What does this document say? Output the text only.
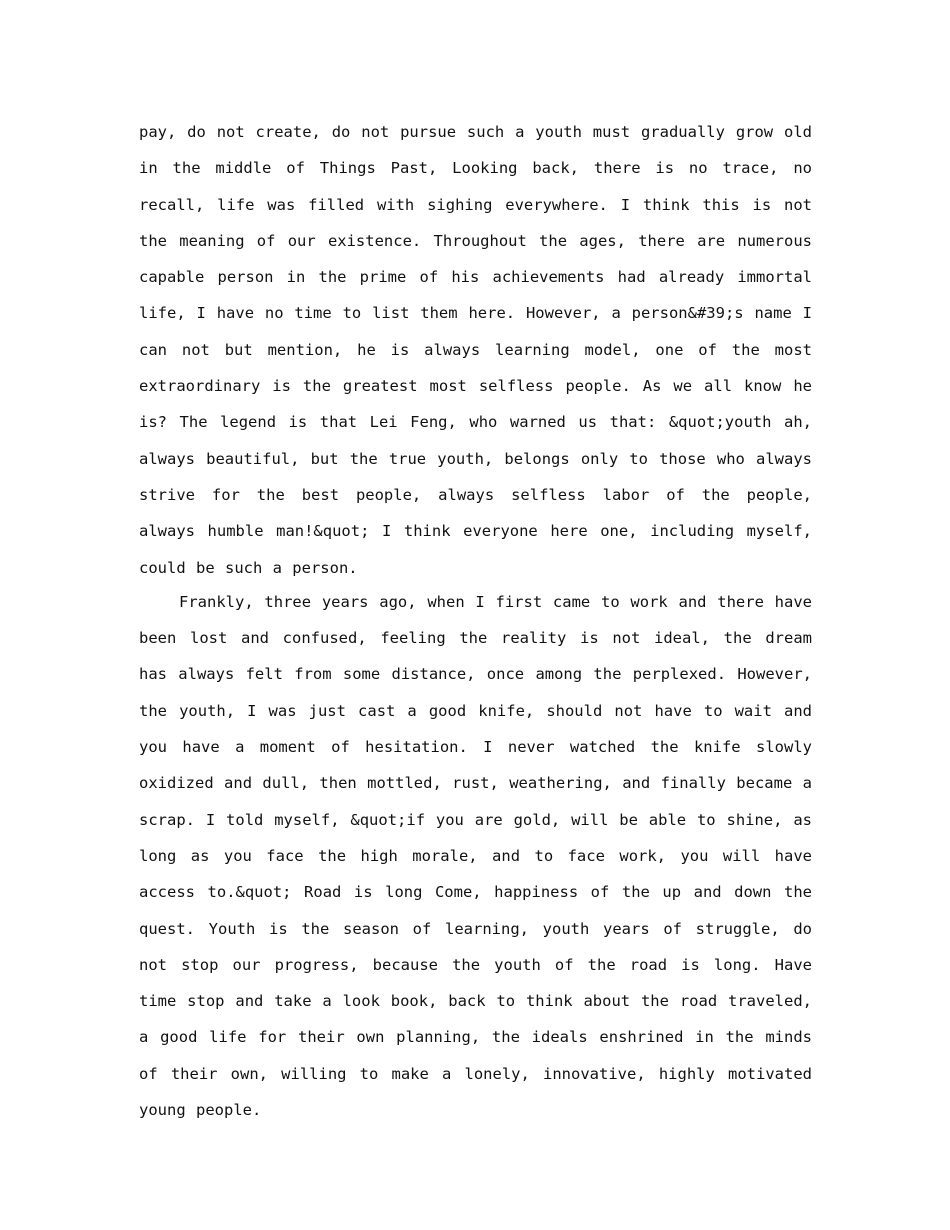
pay, do not create, do not pursue such a youth must gradually grow old in the middle of Things Past, Looking back, there is no trace, no recall, life was filled with sighing everywhere. I think this is not the meaning of our existence. Throughout the ages, there are numerous capable person in the prime of his achievements had already immortal life, I have no time to list them here. However, a person&#39;s name I can not but mention, he is always learning model, one of the most extraordinary is the greatest most selfless people. As we all know he is? The legend is that Lei Feng, who warned us that: &quot;youth ah, always beautiful, but the true youth, belongs only to those who always strive for the best people, always selfless labor of the people, always humble man!&quot; I think everyone here one, including myself, could be such a person.

Frankly, three years ago, when I first came to work and there have been lost and confused, feeling the reality is not ideal, the dream has always felt from some distance, once among the perplexed. However, the youth, I was just cast a good knife, should not have to wait and you have a moment of hesitation. I never watched the knife slowly oxidized and dull, then mottled, rust, weathering, and finally became a scrap. I told myself, &quot;if you are gold, will be able to shine, as long as you face the high morale, and to face work, you will have access to.&quot; Road is long Come, happiness of the up and down the quest. Youth is the season of learning, youth years of struggle, do not stop our progress, because the youth of the road is long. Have time stop and take a look book, back to think about the road traveled, a good life for their own planning, the ideals enshrined in the minds of their own, willing to make a lonely, innovative, highly motivated young people.
